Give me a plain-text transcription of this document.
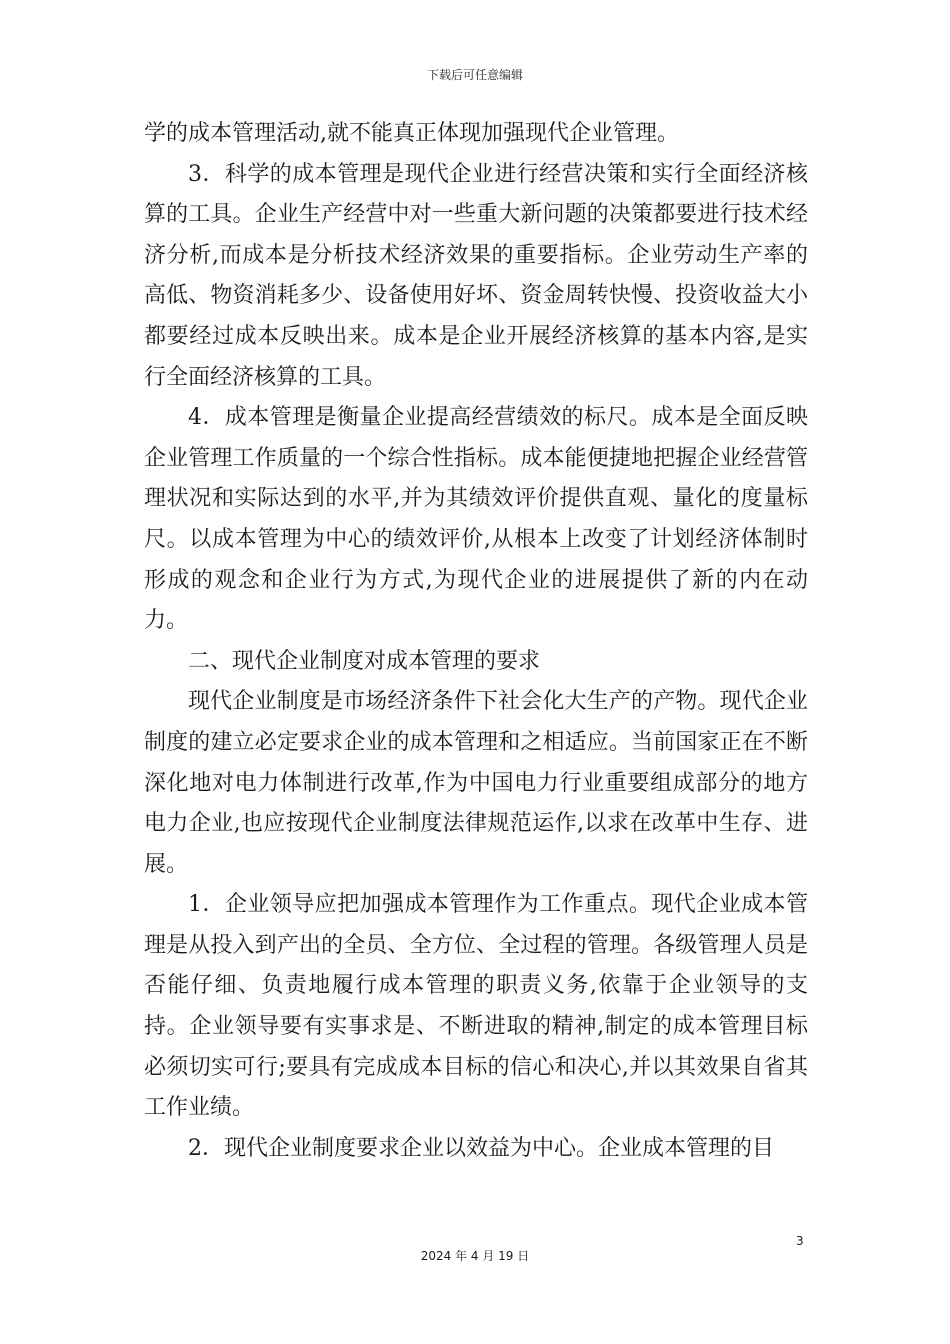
下载后可任意编辑

学的成本管理活动,就不能真正体现加强现代企业管理。

3．科学的成本管理是现代企业进行经营决策和实行全面经济核算的工具。企业生产经营中对一些重大新问题的决策都要进行技术经济分析,而成本是分析技术经济效果的重要指标。企业劳动生产率的高低、物资消耗多少、设备使用好坏、资金周转快慢、投资收益大小都要经过成本反映出来。成本是企业开展经济核算的基本内容,是实行全面经济核算的工具。

4．成本管理是衡量企业提高经营绩效的标尺。成本是全面反映企业管理工作质量的一个综合性指标。成本能便捷地把握企业经营管理状况和实际达到的水平,并为其绩效评价提供直观、量化的度量标尺。以成本管理为中心的绩效评价,从根本上改变了计划经济体制时形成的观念和企业行为方式,为现代企业的进展提供了新的内在动力。

二、现代企业制度对成本管理的要求

现代企业制度是市场经济条件下社会化大生产的产物。现代企业制度的建立必定要求企业的成本管理和之相适应。当前国家正在不断深化地对电力体制进行改革,作为中国电力行业重要组成部分的地方电力企业,也应按现代企业制度法律规范运作,以求在改革中生存、进展。

1．企业领导应把加强成本管理作为工作重点。现代企业成本管理是从投入到产出的全员、全方位、全过程的管理。各级管理人员是否能仔细、负责地履行成本管理的职责义务,依靠于企业领导的支持。企业领导要有实事求是、不断进取的精神,制定的成本管理目标必须切实可行;要具有完成成本目标的信心和决心,并以其效果自省其工作业绩。

2．现代企业制度要求企业以效益为中心。企业成本管理的目

3
2024 年 4 月 19 日
